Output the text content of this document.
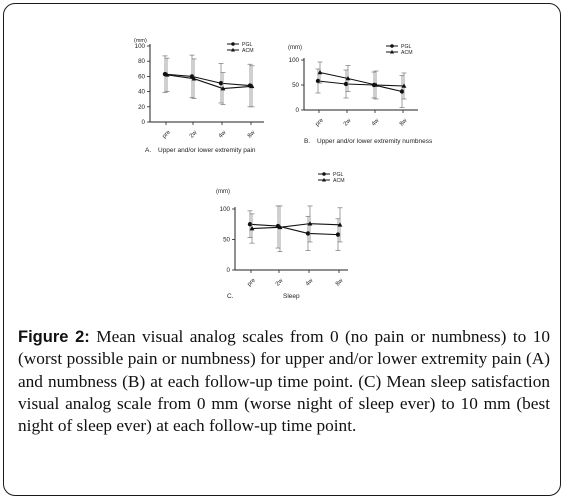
0
20
40
60
80
100
pre	2w	4w	8w
(mm)
A. Upper and/or lower extremity pain
PGL
ACM
0
50
100
pre	2w	4w	8w
(mm)
B. Upper and/or lower extremity numbness
PGL
ACM
0
50
100
pre	2w	4w	8w
(mm)
C.	Sleep
PGL
ACM

Figure 2: Mean visual analog scales from 0 (no pain or numbness) to 10 (worst possible pain or numbness) for upper and/or lower extremity pain (A) and numbness (B) at each follow-up time point. (C) Mean sleep satisfaction visual analog scale from 0 mm (worse night of sleep ever) to 10 mm (best night of sleep ever) at each follow-up time point.
